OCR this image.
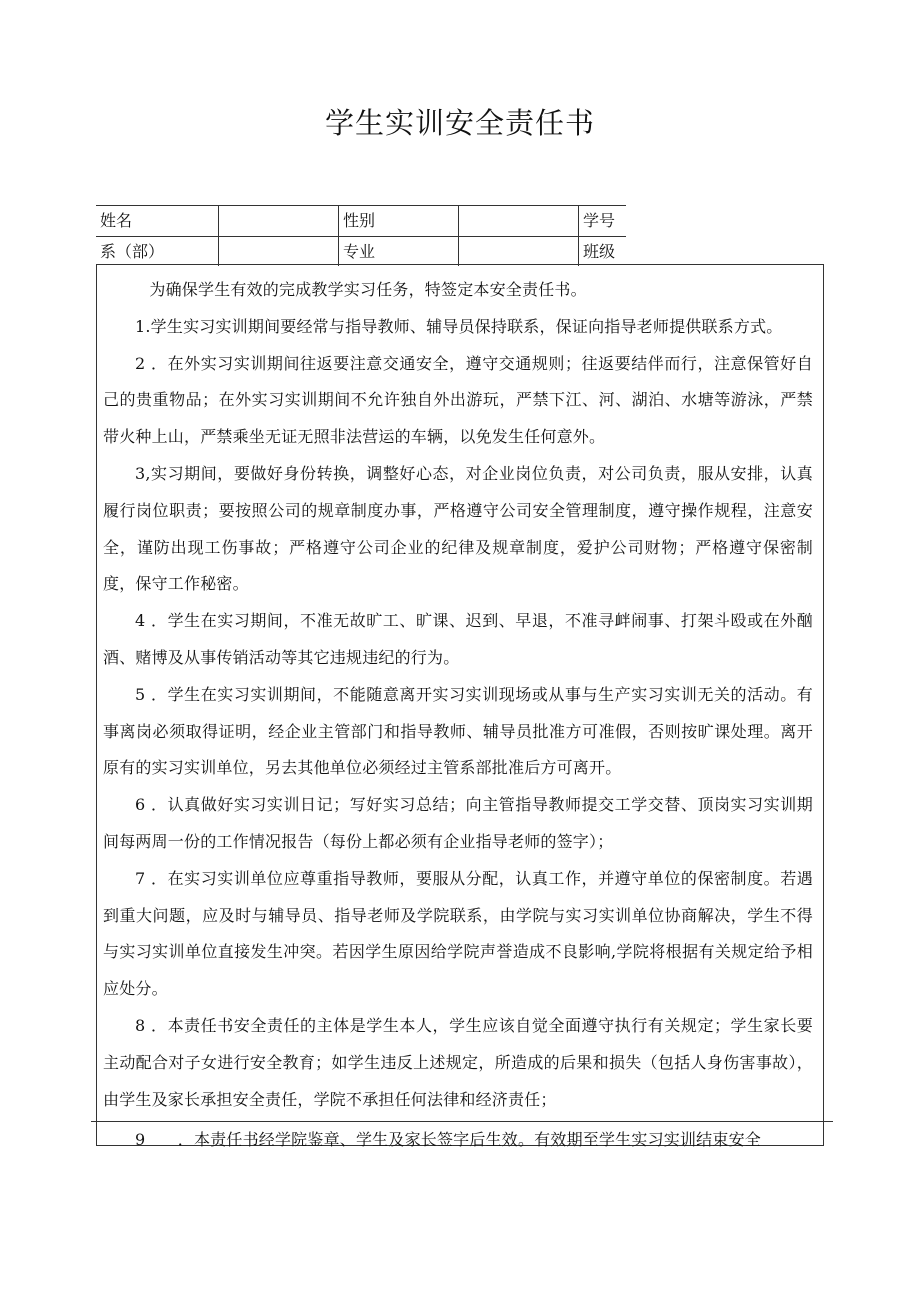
学生实训安全责任书
姓名	性别	学号
系（部）	专业	班级

为确保学生有效的完成教学实习任务，特签定本安全责任书。

1.学生实习实训期间要经常与指导教师、辅导员保持联系，保证向指导老师提供联系方式。

2 ．在外实习实训期间往返要注意交通安全，遵守交通规则；往返要结伴而行，注意保管好自己的贵重物品；在外实习实训期间不允许独自外出游玩，严禁下江、河、湖泊、水塘等游泳，严禁带火种上山，严禁乘坐无证无照非法营运的车辆，以免发生任何意外。

3,实习期间，要做好身份转换，调整好心态，对企业岗位负责，对公司负责，服从安排，认真履行岗位职责；要按照公司的规章制度办事，严格遵守公司安全管理制度，遵守操作规程，注意安全，谨防出现工伤事故；严格遵守公司企业的纪律及规章制度，爱护公司财物；严格遵守保密制度，保守工作秘密。

4 ．学生在实习期间，不准无故旷工、旷课、迟到、早退，不准寻衅闹事、打架斗殴或在外酗酒、赌博及从事传销活动等其它违规违纪的行为。

5 ．学生在实习实训期间，不能随意离开实习实训现场或从事与生产实习实训无关的活动。有事离岗必须取得证明，经企业主管部门和指导教师、辅导员批准方可准假，否则按旷课处理。离开原有的实习实训单位，另去其他单位必须经过主管系部批准后方可离开。

6 ．认真做好实习实训日记；写好实习总结；向主管指导教师提交工学交替、顶岗实习实训期间每两周一份的工作情况报告（每份上都必须有企业指导老师的签字）；

7 ．在实习实训单位应尊重指导教师，要服从分配，认真工作，并遵守单位的保密制度。若遇到重大问题，应及时与辅导员、指导老师及学院联系，由学院与实习实训单位协商解决，学生不得与实习实训单位直接发生冲突。若因学生原因给学院声誉造成不良影响,学院将根据有关规定给予相应处分。

8 ．本责任书安全责任的主体是学生本人，学生应该自觉全面遵守执行有关规定；学生家长要主动配合对子女进行安全教育；如学生违反上述规定，所造成的后果和损失（包括人身伤害事故），由学生及家长承担安全责任，学院不承担任何法律和经济责任；

9　　．本责任书经学院鉴章、学生及家长签字后生效。有效期至学生实习实训结束安全
